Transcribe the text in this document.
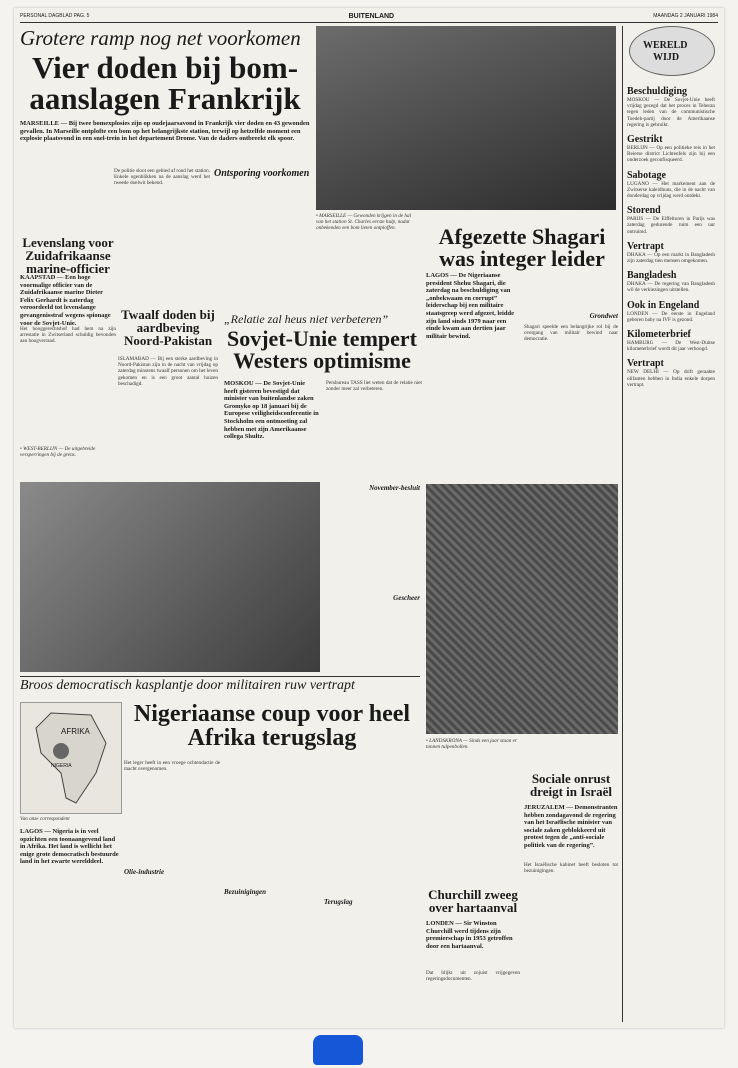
PERSONAL DAGBLAD PAG. 5	BUITENLAND	MAANDAG 2 JANUARI 1984
Grotere ramp nog net voorkomen
Vier doden bij bom-aanslagen Frankrijk
MARSEILLE — Bij twee bomexplosies zijn op oudejaarsavond in Frankrijk vier doden en 43 gewonden gevallen. In Marseille ontplofte een bom op het belangrijkste station, terwijl op hetzelfde moment een explosie plaatsvond in een snel-trein in het departement Drome. Van de daders ontbreekt elk spoor.
De politie sloot een gebied af rond het station. Enkele ogenblikken na de aanslag werd het tweede doelwit bekend.
Ontsporing voorkomen
• MARSEILLE — Gewonden krijgen in de hal van het station St. Charles eerste hulp, nadat onbekenden een bom lieten ontploffen.
Levenslang voor Zuidafrikaanse marine-officier
KAAPSTAD — Een hoge voormalige officier van de Zuidafrikaanse marine Dieter Felix Gerhardt is zaterdag veroordeeld tot levenslange gevangenisstraf wegens spionage voor de Sovjet-Unie.
Het hooggerechtshof had hem na zijn arrestatie in Zwitserland schuldig bevonden aan hoogverraad.
• WEST-BERLIJN — De uitgebreide versperringen bij de grens.
Twaalf doden bij aardbeving Noord-Pakistan
ISLAMABAD — Bij een sterke aardbeving in Noord-Pakistan zijn in de nacht van vrijdag op zaterdag minstens twaalf personen om het leven gekomen en is een groot aantal huizen beschadigd.
„Relatie zal heus niet verbeteren”
Sovjet-Unie tempert Westers optimisme
MOSKOU — De Sovjet-Unie heeft gisteren bevestigd dat minister van buitenlandse zaken Gromyko op 18 januari bij de Europese veiligheidsconferentie in Stockholm een ontmoeting zal hebben met zijn Amerikaanse collega Shultz.
Persbureau TASS liet weten dat de relatie niet zonder meer zal verbeteren.
Afgezette Shagari was integer leider
LAGOS — De Nigeriaanse president Shehu Shagari, die zaterdag na beschuldiging van „onbekwaam en corrupt” leiderschap bij een militaire staatsgreep werd afgezet, leidde zijn land sinds 1979 naar een einde kwam aan dertien jaar militair bewind.
Grondwet
Shagari speelde een belangrijke rol bij de overgang van militair bewind naar democratie.
November-besluit
Gescheer
• LANDSKRONA — Sinds een jaar staan er tonnen tulpenbollen.
Broos democratisch kasplantje door militairen ruw vertrapt
Nigeriaanse coup voor heel Afrika terugslag
AFRIKA
NIGERIA
Van onze correspondent
LAGOS — Nigeria is in veel opzichten een toonaangevend land in Afrika. Het land is wellicht het enige grote democratisch bestuurde land in het zwarte werelddeel.
Het leger heeft in een vroege ochtendactie de macht overgenomen.
Olie-industrie
Bezuinigingen
Terugslag
Sociale onrust dreigt in Israël
JERUZALEM — Demonstranten hebben zondagavond de regering van het Israëlische minister van sociale zaken geblokkeerd uit protest tegen de „anti-sociale politiek van de regering”.
Het Israëlische kabinet heeft besloten tot bezuinigingen.
Churchill zweeg over hartaanval
LONDEN — Sir Winston Churchill werd tijdens zijn premierschap in 1953 getroffen door een hartaanval.
Dat blijkt uit zojuist vrijgegeven regeringsdocumenten.
WERELD
WIJD
Beschuldiging
MOSKOU — De Sovjet-Unie heeft vrijdag gezegd dat het proces in Teheran tegen leden van de communistische Toedeh-partij door de Amerikaanse regering is gebruikt.
Gestrikt
BERLIJN — Op een politieke reis in het Beierse district Lichtenfels zijn bij een onderzoek geconfisqueerd.
Sabotage
LUGANO — Het markement aan de Zwitserse kaleidhuns, die in de nacht van donderdag op vrijdag werd ontdekt.
Storend
PARIJS — De Eiffeltoren in Parijs was zaterdag gedurende ruim een uur ontruimd.
Vertrapt
DHAKA — Op een markt in Bangladesh zijn zaterdag tien mensen omgekomen.
Bangladesh
DHAKA — De regering van Bangladesh wil de verkiezingen uitstellen.
Ook in Engeland
LONDEN — De eerste in Engeland geboren baby na IVF is gezond.
Kilometerbrief
HAMBURG — De West-Duitse kilometerbrief wordt dit jaar verhoogd.
Vertrapt
NEW DELHI — Op drift geraakte olifanten hebben in India enkele dorpen vertrapt.
